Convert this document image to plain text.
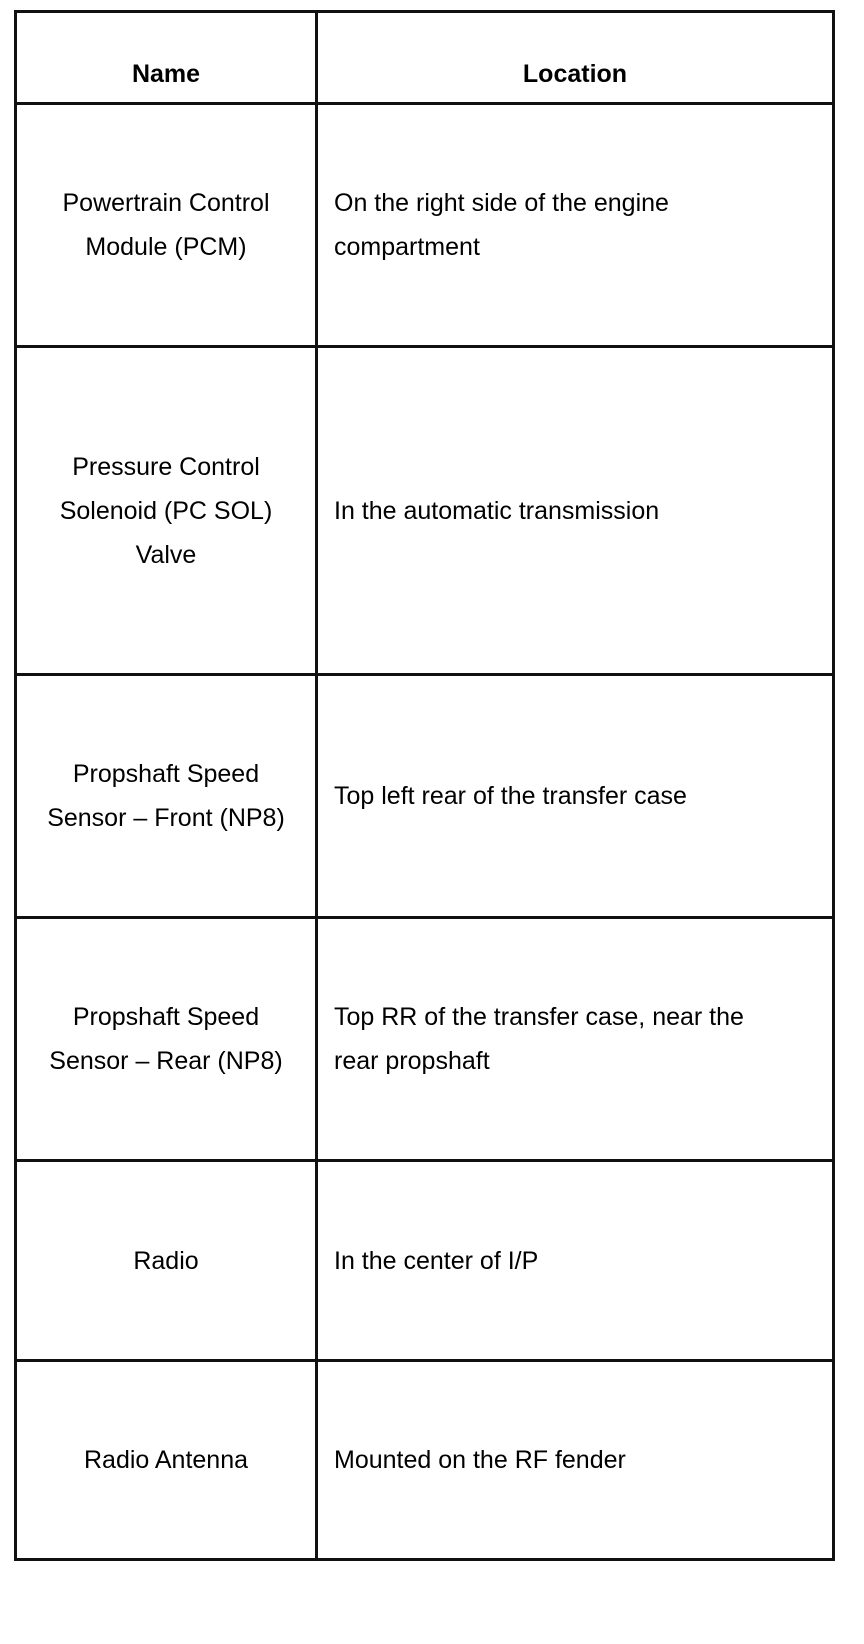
Name	Location

Powertrain Control Module (PCM)	On the right side of the engine compartment

Pressure Control Solenoid (PC SOL) Valve	In the automatic transmission

Propshaft Speed Sensor – Front (NP8)	Top left rear of the transfer case

Propshaft Speed Sensor – Rear (NP8)	Top RR of the transfer case, near the rear propshaft

Radio	In the center of I/P

Radio Antenna	Mounted on the RF fender
